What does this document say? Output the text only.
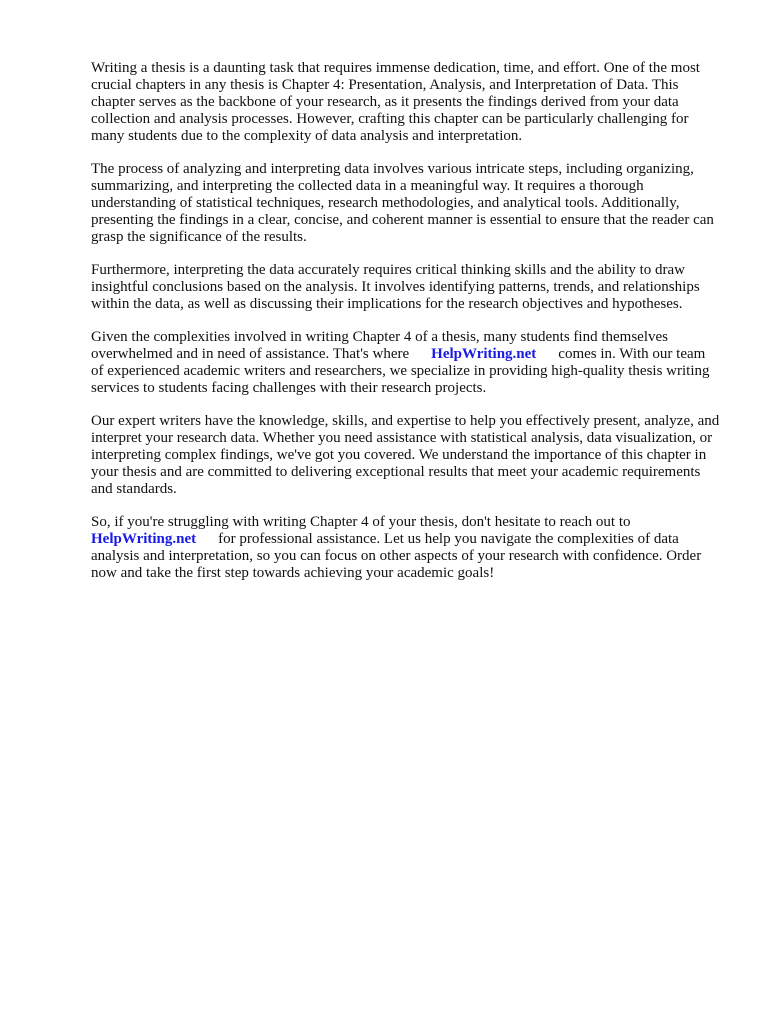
Writing a thesis is a daunting task that requires immense dedication, time, and effort. One of the most crucial chapters in any thesis is Chapter 4: Presentation, Analysis, and Interpretation of Data. This chapter serves as the backbone of your research, as it presents the findings derived from your data collection and analysis processes. However, crafting this chapter can be particularly challenging for many students due to the complexity of data analysis and interpretation.

The process of analyzing and interpreting data involves various intricate steps, including organizing, summarizing, and interpreting the collected data in a meaningful way. It requires a thorough understanding of statistical techniques, research methodologies, and analytical tools. Additionally, presenting the findings in a clear, concise, and coherent manner is essential to ensure that the reader can grasp the significance of the results.

Furthermore, interpreting the data accurately requires critical thinking skills and the ability to draw insightful conclusions based on the analysis. It involves identifying patterns, trends, and relationships within the data, as well as discussing their implications for the research objectives and hypotheses.

Given the complexities involved in writing Chapter 4 of a thesis, many students find themselves overwhelmed and in need of assistance. That's where HelpWriting.net comes in. With our team of experienced academic writers and researchers, we specialize in providing high-quality thesis writing services to students facing challenges with their research projects.

Our expert writers have the knowledge, skills, and expertise to help you effectively present, analyze, and interpret your research data. Whether you need assistance with statistical analysis, data visualization, or interpreting complex findings, we've got you covered. We understand the importance of this chapter in your thesis and are committed to delivering exceptional results that meet your academic requirements and standards.

So, if you're struggling with writing Chapter 4 of your thesis, don't hesitate to reach out to HelpWriting.net for professional assistance. Let us help you navigate the complexities of data analysis and interpretation, so you can focus on other aspects of your research with confidence. Order now and take the first step towards achieving your academic goals!
